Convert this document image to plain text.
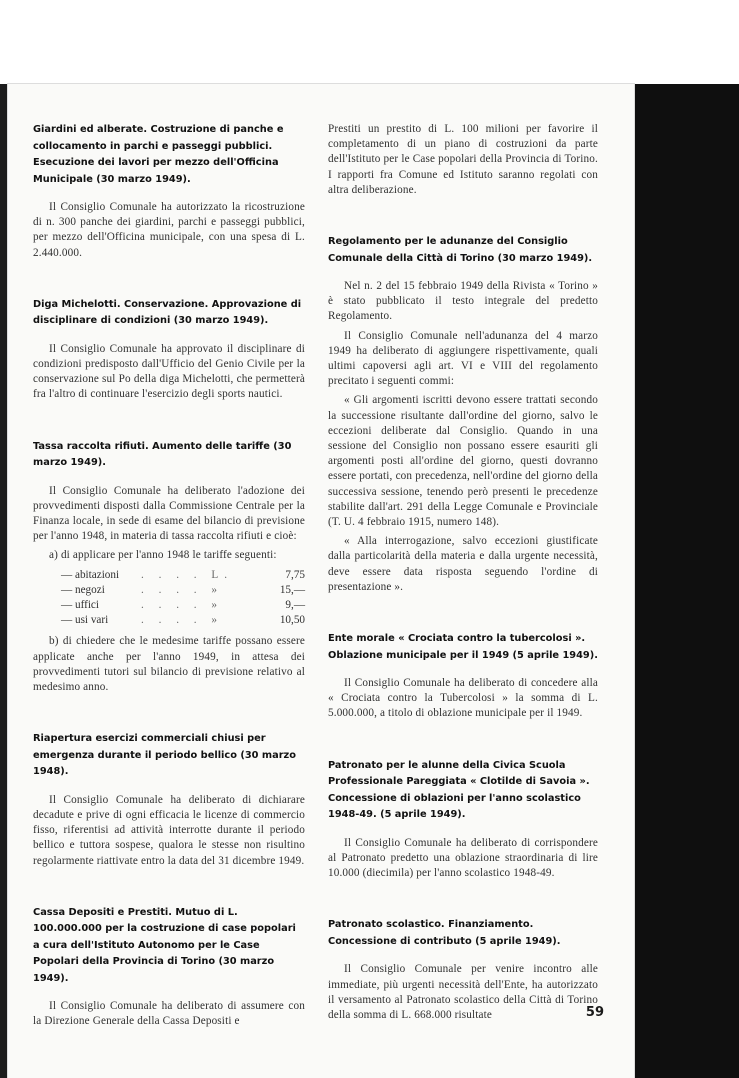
Giardini ed alberate. Costruzione di panche e collocamento in parchi e passeggi pubblici. Esecuzione dei lavori per mezzo dell'Officina Municipale (30 marzo 1949).

Il Consiglio Comunale ha autorizzato la ricostruzione di n. 300 panche dei giardini, parchi e passeggi pubblici, per mezzo dell'Officina municipale, con una spesa di L. 2.440.000.

Diga Michelotti. Conservazione. Approvazione di disciplinare di condizioni (30 marzo 1949).

Il Consiglio Comunale ha approvato il disciplinare di condizioni predisposto dall'Ufficio del Genio Civile per la conservazione sul Po della diga Michelotti, che permetterà fra l'altro di continuare l'esercizio degli sports nautici.

Tassa raccolta rifiuti. Aumento delle tariffe (30 marzo 1949).

Il Consiglio Comunale ha deliberato l'adozione dei provvedimenti disposti dalla Commissione Centrale per la Finanza locale, in sede di esame del bilancio di previsione per l'anno 1948, in materia di tassa raccolta rifiuti e cioè:

a) di applicare per l'anno 1948 le tariffe seguenti:

— abitazioni	. . . . L.	7,75
— negozi	. . . . »	15,—
— uffici	. . . . »	9,—
— usi vari	. . . . »	10,50

b) di chiedere che le medesime tariffe possano essere applicate anche per l'anno 1949, in attesa dei provvedimenti tutori sul bilancio di previsione relativo al medesimo anno.

Riapertura esercizi commerciali chiusi per emergenza durante il periodo bellico (30 marzo 1948).

Il Consiglio Comunale ha deliberato di dichiarare decadute e prive di ogni efficacia le licenze di commercio fisso, riferentisi ad attività interrotte durante il periodo bellico e tuttora sospese, qualora le stesse non risultino regolarmente riattivate entro la data del 31 dicembre 1949.

Cassa Depositi e Prestiti. Mutuo di L. 100.000.000 per la costruzione di case popolari a cura dell'Istituto Autonomo per le Case Popolari della Provincia di Torino (30 marzo 1949).

Il Consiglio Comunale ha deliberato di assumere con la Direzione Generale della Cassa Depositi e

Prestiti un prestito di L. 100 milioni per favorire il completamento di un piano di costruzioni da parte dell'Istituto per le Case popolari della Provincia di Torino. I rapporti fra Comune ed Istituto saranno regolati con altra deliberazione.

Regolamento per le adunanze del Consiglio Comunale della Città di Torino (30 marzo 1949).

Nel n. 2 del 15 febbraio 1949 della Rivista « Torino » è stato pubblicato il testo integrale del predetto Regolamento.

Il Consiglio Comunale nell'adunanza del 4 marzo 1949 ha deliberato di aggiungere rispettivamente, quali ultimi capoversi agli art. VI e VIII del regolamento precitato i seguenti commi:

« Gli argomenti iscritti devono essere trattati secondo la successione risultante dall'ordine del giorno, salvo le eccezioni deliberate dal Consiglio. Quando in una sessione del Consiglio non possano essere esauriti gli argomenti posti all'ordine del giorno, questi dovranno essere portati, con precedenza, nell'ordine del giorno della successiva sessione, tenendo però presenti le precedenze stabilite dall'art. 291 della Legge Comunale e Provinciale (T. U. 4 febbraio 1915, numero 148).

« Alla interrogazione, salvo eccezioni giustificate dalla particolarità della materia e dalla urgente necessità, deve essere data risposta seguendo l'ordine di presentazione ».

Ente morale « Crociata contro la tubercolosi ». Oblazione municipale per il 1949 (5 aprile 1949).

Il Consiglio Comunale ha deliberato di concedere alla « Crociata contro la Tubercolosi » la somma di L. 5.000.000, a titolo di oblazione municipale per il 1949.

Patronato per le alunne della Civica Scuola Professionale Pareggiata « Clotilde di Savoia ». Concessione di oblazioni per l'anno scolastico 1948-49. (5 aprile 1949).

Il Consiglio Comunale ha deliberato di corrispondere al Patronato predetto una oblazione straordinaria di lire 10.000 (diecimila) per l'anno scolastico 1948-49.

Patronato scolastico. Finanziamento. Concessione di contributo (5 aprile 1949).

Il Consiglio Comunale per venire incontro alle immediate, più urgenti necessità dell'Ente, ha autorizzato il versamento al Patronato scolastico della Città di Torino della somma di L. 668.000 risultate	59
